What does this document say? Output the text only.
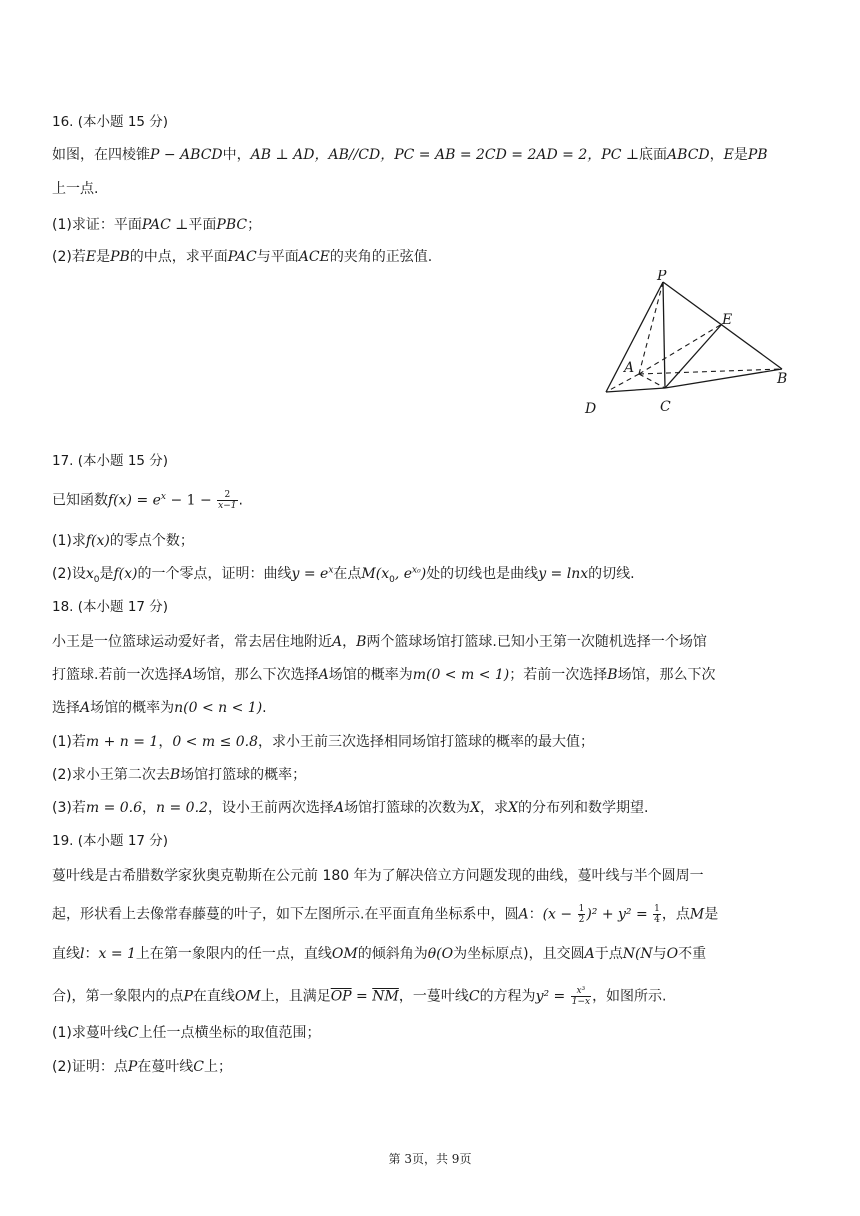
16. (本小题 15 分)
如图，在四棱锥P − ABCD中，AB ⊥ AD，AB//CD，PC = AB = 2CD = 2AD = 2，PC ⊥底面ABCD，E是PB
上一点.
(1)求证：平面PAC ⊥平面PBC；
(2)若E是PB的中点，求平面PAC与平面ACE的夹角的正弦值.
P
E
A
B
D	C
17. (本小题 15 分)
已知函数$f(x) = e^x - 1 - \frac{2}{x-1}$ .
(1)求f(x)的零点个数；
(2)设$x_0$是f(x)的一个零点，证明：曲线$y = e^x$在点$M(x_0$, $e^{x_0}$)处的切线也是曲线y = lnx的切线.
18. (本小题 17 分)
小王是一位篮球运动爱好者，常去居住地附近A，B两个篮球场馆打篮球.已知小王第一次随机选择一个场馆
打篮球.若前一次选择A场馆，那么下次选择A场馆的概率为m(0 < m < 1)；若前一次选择B场馆，那么下次
选择A场馆的概率为n(0 < n < 1).
(1)若m + n = 1，0 < m ≤ 0.8，求小王前三次选择相同场馆打篮球的概率的最大值；
(2)求小王第二次去B场馆打篮球的概率；
(3)若m = 0.6，n = 0.2，设小王前两次选择A场馆打篮球的次数为X，求X的分布列和数学期望.
19. (本小题 17 分)
蔓叶线是古希腊数学家狄奥克勒斯在公元前 180 年为了解决倍立方问题发现的曲线，蔓叶线与半个圆周一
起，形状看上去像常春藤蔓的叶子，如下左图所示.在平面直角坐标系中，圆A：$(x - \frac{1}{2} )^2 + y^2 = \frac{1}{4}$ ，点M是
直线l：x = 1上在第一象限内的任一点，直线OM的倾斜角为θ(O为坐标原点)，且交圆A于点N(N与O不重
合)，第一象限内的点P在直线OM上，且满足$\overline{OP} = \overline{NM}$，一蔓叶线C的方程为$y^2 = \frac{\text{x³}}{1-x}$ ，如图所示.
(1)求蔓叶线C上任一点横坐标的取值范围；
(2)证明：点P在蔓叶线C上；
第 3页，共 9页
